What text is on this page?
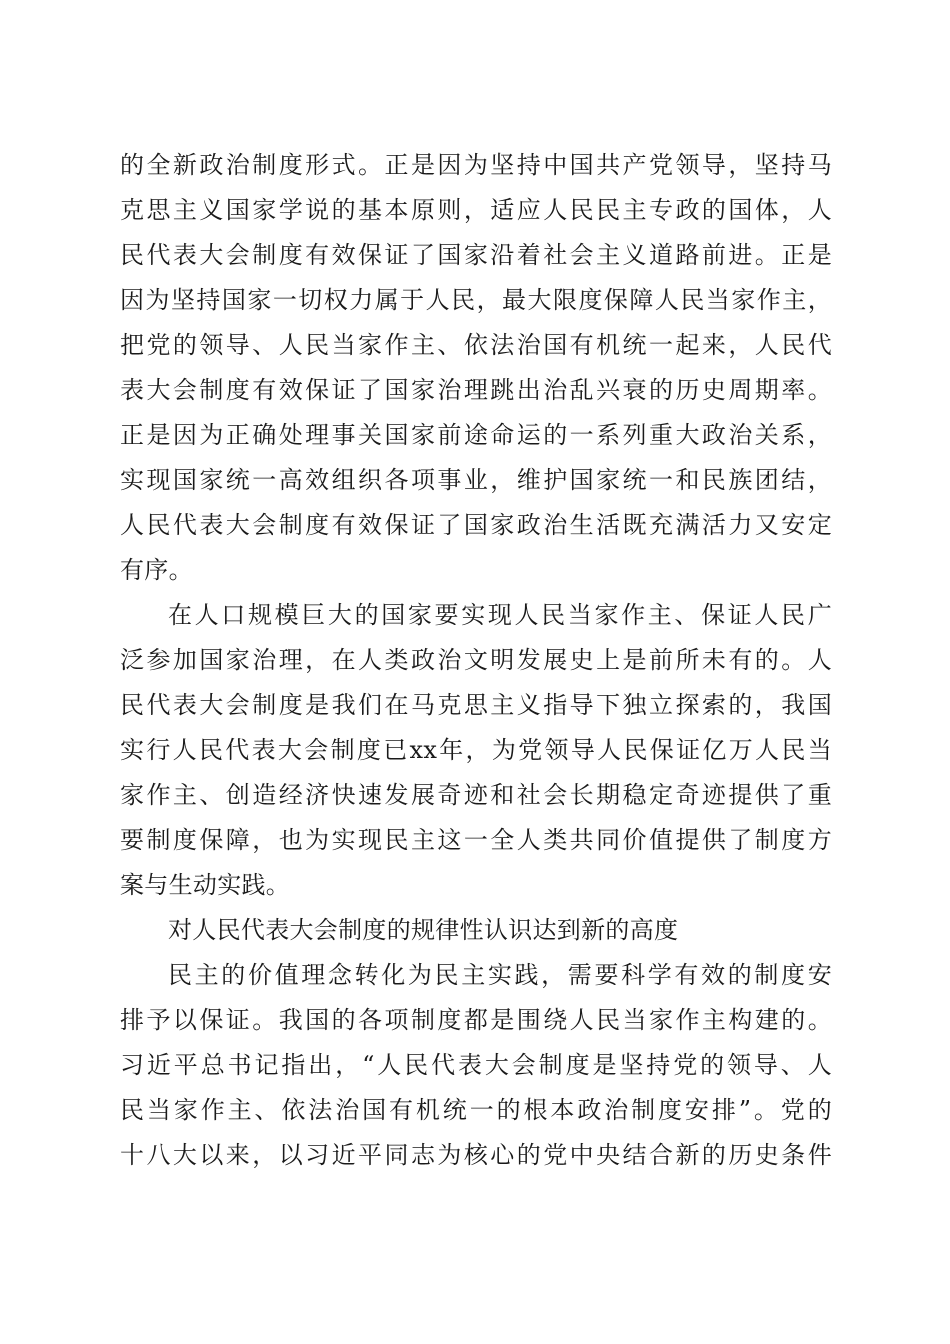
的全新政治制度形式。正是因为坚持中国共产党领导，坚持马
克思主义国家学说的基本原则，适应人民民主专政的国体，人
民代表大会制度有效保证了国家沿着社会主义道路前进。正是
因为坚持国家一切权力属于人民，最大限度保障人民当家作主，
把党的领导、人民当家作主、依法治国有机统一起来，人民代
表大会制度有效保证了国家治理跳出治乱兴衰的历史周期率。
正是因为正确处理事关国家前途命运的一系列重大政治关系，
实现国家统一高效组织各项事业，维护国家统一和民族团结，
人民代表大会制度有效保证了国家政治生活既充满活力又安定
有序。
在人口规模巨大的国家要实现人民当家作主、保证人民广
泛参加国家治理，在人类政治文明发展史上是前所未有的。人
民代表大会制度是我们在马克思主义指导下独立探索的，我国
实行人民代表大会制度已xx年，为党领导人民保证亿万人民当
家作主、创造经济快速发展奇迹和社会长期稳定奇迹提供了重
要制度保障，也为实现民主这一全人类共同价值提供了制度方
案与生动实践。
对人民代表大会制度的规律性认识达到新的高度
民主的价值理念转化为民主实践，需要科学有效的制度安
排予以保证。我国的各项制度都是围绕人民当家作主构建的。
习近平总书记指出，“人民代表大会制度是坚持党的领导、人
民当家作主、依法治国有机统一的根本政治制度安排”。党的
十八大以来，以习近平同志为核心的党中央结合新的历史条件
